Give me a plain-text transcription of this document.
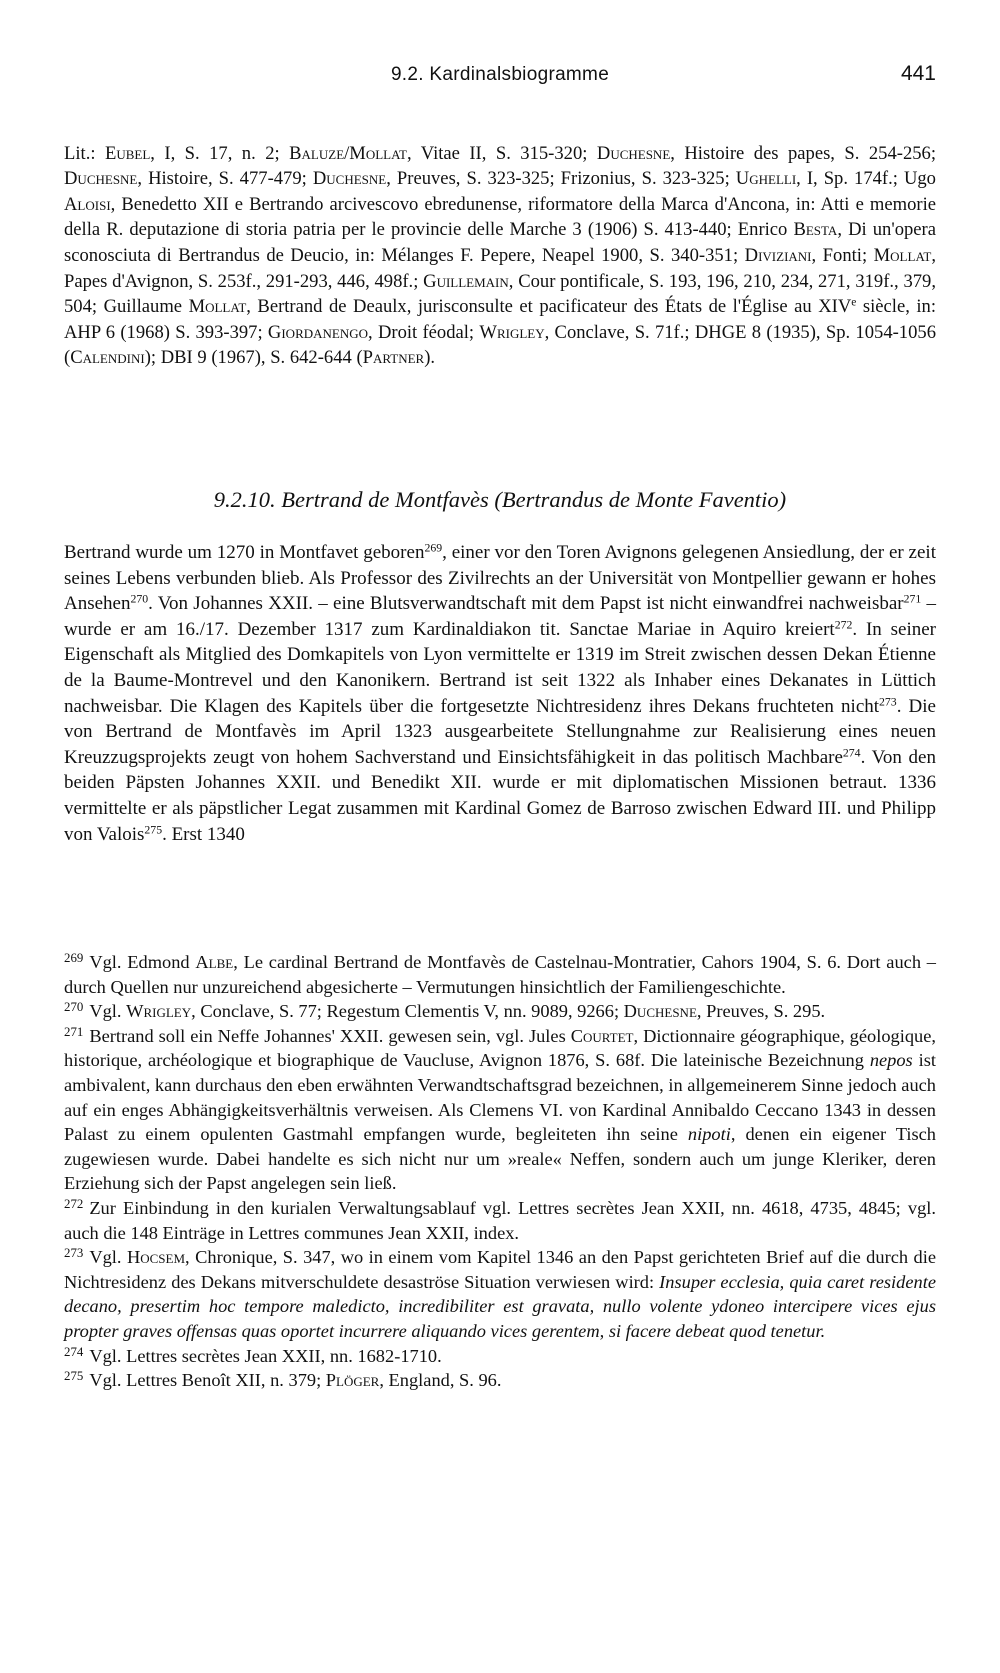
9.2. Kardinalsbiogramme	441

Lit.: Eubel, I, S. 17, n. 2; Baluze/Mollat, Vitae II, S. 315-320; Duchesne, Histoire des papes, S. 254-256; Duchesne, Histoire, S. 477-479; Duchesne, Preuves, S. 323-325; Frizonius, S. 323-325; Ughelli, I, Sp. 174f.; Ugo Aloisi, Benedetto XII e Bertrando arcivescovo ebredunense, riformatore della Marca d'Ancona, in: Atti e memorie della R. deputazione di storia patria per le provincie delle Marche 3 (1906) S. 413-440; Enrico Besta, Di un'opera sconosciuta di Bertrandus de Deucio, in: Mélanges F. Pepere, Neapel 1900, S. 340-351; Diviziani, Fonti; Mollat, Papes d'Avignon, S. 253f., 291-293, 446, 498f.; Guillemain, Cour pontificale, S. 193, 196, 210, 234, 271, 319f., 379, 504; Guillaume Mollat, Bertrand de Deaulx, jurisconsulte et pacificateur des États de l'Église au XIVe siècle, in: AHP 6 (1968) S. 393-397; Giordanengo, Droit féodal; Wrigley, Conclave, S. 71f.; DHGE 8 (1935), Sp. 1054-1056 (Calendini); DBI 9 (1967), S. 642-644 (Partner).

9.2.10. Bertrand de Montfavès (Bertrandus de Monte Faventio)

Bertrand wurde um 1270 in Montfavet geboren$^{269}$, einer vor den Toren Avignons gelegenen Ansiedlung, der er zeit seines Lebens verbunden blieb. Als Professor des Zivilrechts an der Universität von Montpellier gewann er hohes Ansehen$^{270}$. Von Johannes XXII. – eine Blutsverwandtschaft mit dem Papst ist nicht einwandfrei nachweisbar$^{271}$ – wurde er am 16./17. Dezember 1317 zum Kardinaldiakon tit. Sanctae Mariae in Aquiro kreiert$^{272}$. In seiner Eigenschaft als Mitglied des Domkapitels von Lyon vermittelte er 1319 im Streit zwischen dessen Dekan Étienne de la Baume-Montrevel und den Kanonikern. Bertrand ist seit 1322 als Inhaber eines Dekanates in Lüttich nachweisbar. Die Klagen des Kapitels über die fortgesetzte Nichtresidenz ihres Dekans fruchteten nicht$^{273}$. Die von Bertrand de Montfavès im April 1323 ausgearbeitete Stellungnahme zur Realisierung eines neuen Kreuzzugsprojekts zeugt von hohem Sachverstand und Einsichtsfähigkeit in das politisch Machbare$^{274}$. Von den beiden Päpsten Johannes XXII. und Benedikt XII. wurde er mit diplomatischen Missionen betraut. 1336 vermittelte er als päpstlicher Legat zusammen mit Kardinal Gomez de Barroso zwischen Edward III. und Philipp von Valois$^{275}$. Erst 1340

$^{269}$ Vgl. Edmond Albe, Le cardinal Bertrand de Montfavès de Castelnau-Montratier, Cahors 1904, S. 6. Dort auch – durch Quellen nur unzureichend abgesicherte – Vermutungen hinsichtlich der Familiengeschichte.

$^{270}$ Vgl. Wrigley, Conclave, S. 77; Regestum Clementis V, nn. 9089, 9266; Duchesne, Preuves, S. 295.

$^{271}$ Bertrand soll ein Neffe Johannes' XXII. gewesen sein, vgl. Jules Courtet, Dictionnaire géographique, géologique, historique, archéologique et biographique de Vaucluse, Avignon 1876, S. 68f. Die lateinische Bezeichnung nepos ist ambivalent, kann durchaus den eben erwähnten Verwandtschaftsgrad bezeichnen, in allgemeinerem Sinne jedoch auch auf ein enges Abhängigkeitsverhältnis verweisen. Als Clemens VI. von Kardinal Annibaldo Ceccano 1343 in dessen Palast zu einem opulenten Gastmahl empfangen wurde, begleiteten ihn seine nipoti, denen ein eigener Tisch zugewiesen wurde. Dabei handelte es sich nicht nur um »reale« Neffen, sondern auch um junge Kleriker, deren Erziehung sich der Papst angelegen sein ließ.

$^{272}$ Zur Einbindung in den kurialen Verwaltungsablauf vgl. Lettres secrètes Jean XXII, nn. 4618, 4735, 4845; vgl. auch die 148 Einträge in Lettres communes Jean XXII, index.

$^{273}$ Vgl. Hocsem, Chronique, S. 347, wo in einem vom Kapitel 1346 an den Papst gerichteten Brief auf die durch die Nichtresidenz des Dekans mitverschuldete desaströse Situation verwiesen wird: Insuper ecclesia, quia caret residente decano, presertim hoc tempore maledicto, incredibiliter est gravata, nullo volente ydoneo intercipere vices ejus propter graves offensas quas oportet incurrere aliquando vices gerentem, si facere debeat quod tenetur.

$^{274}$ Vgl. Lettres secrètes Jean XXII, nn. 1682-1710.

$^{275}$ Vgl. Lettres Benoît XII, n. 379; Plöger, England, S. 96.
